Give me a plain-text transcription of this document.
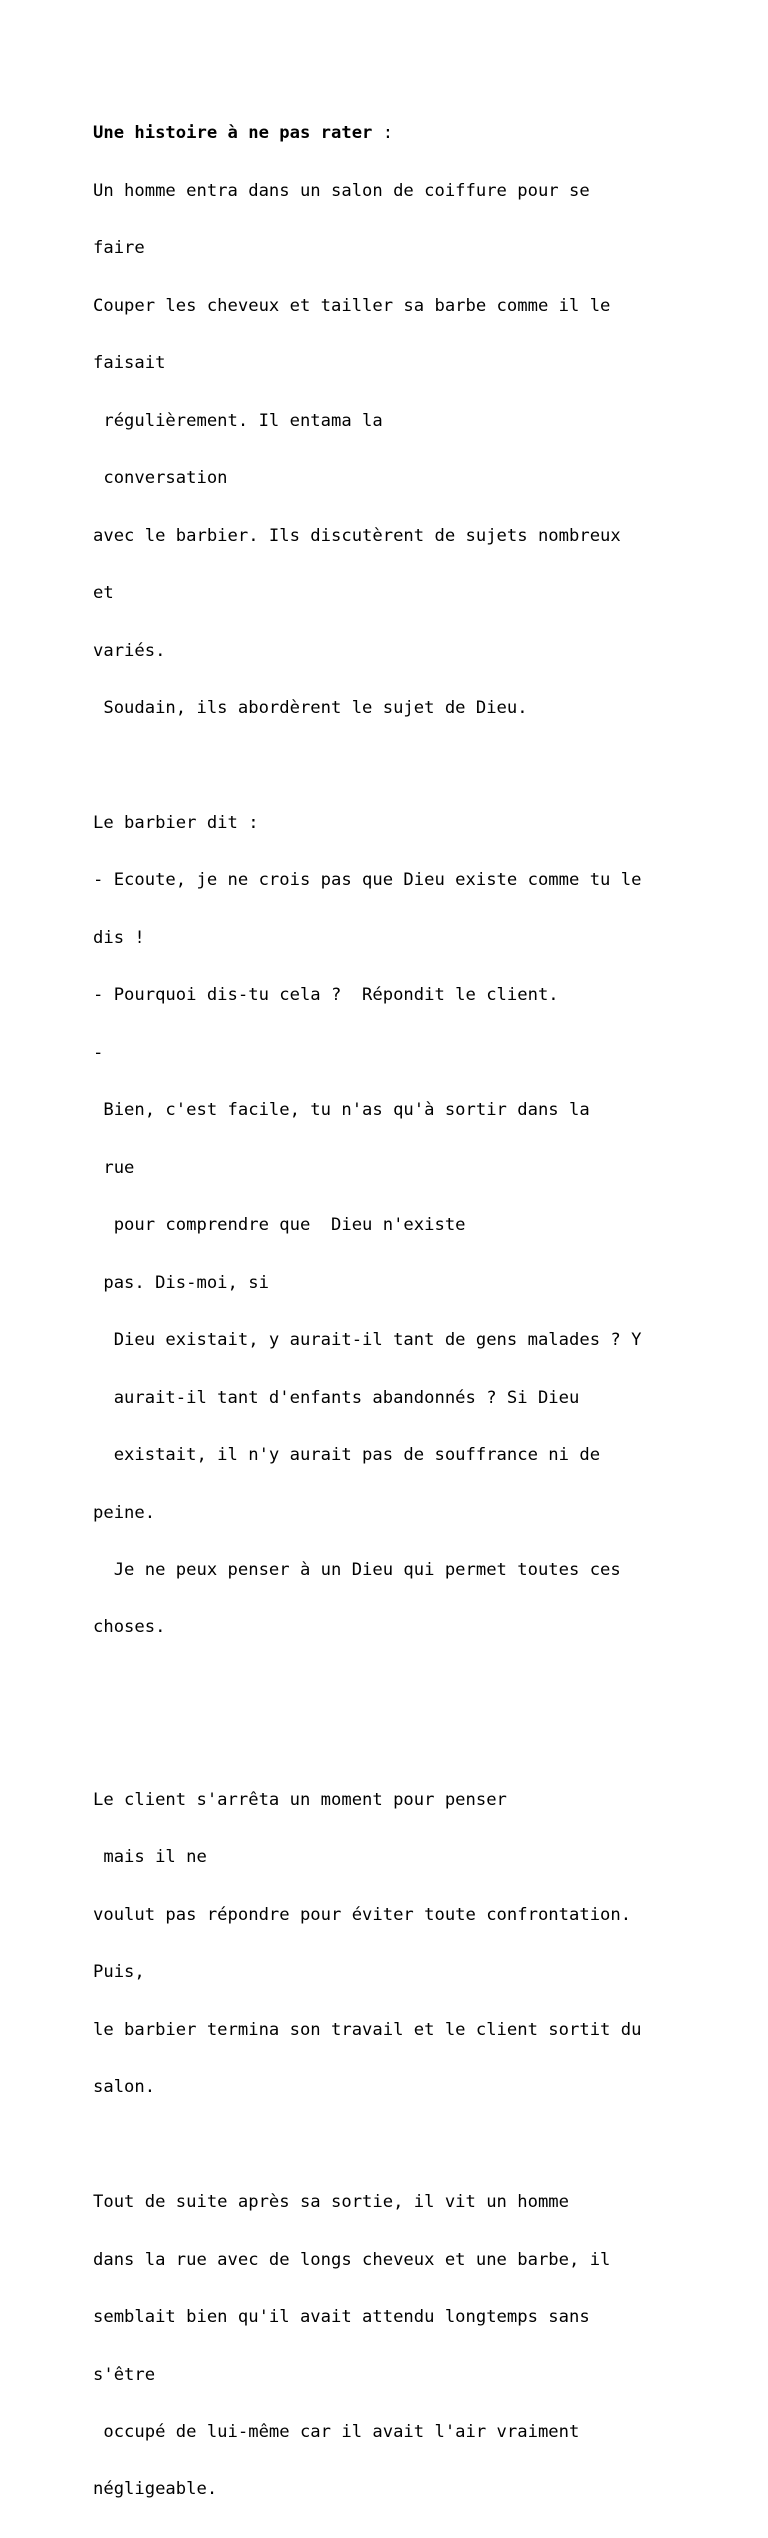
Une histoire à ne pas rater :

Un homme entra dans un salon de coiffure pour se

faire

Couper les cheveux et tailler sa barbe comme il le

faisait

régulièrement. Il entama la

conversation

avec le barbier. Ils discutèrent de sujets nombreux

et

variés.

Soudain, ils abordèrent le sujet de Dieu.

Le barbier dit :

- Ecoute, je ne crois pas que Dieu existe comme tu le

dis !

- Pourquoi dis-tu cela ?  Répondit le client.

-

Bien, c'est facile, tu n'as qu'à sortir dans la

rue

pour comprendre que  Dieu n'existe

pas. Dis-moi, si

Dieu existait, y aurait-il tant de gens malades ? Y

aurait-il tant d'enfants abandonnés ? Si Dieu

existait, il n'y aurait pas de souffrance ni de

peine.

Je ne peux penser à un Dieu qui permet toutes ces

choses.

Le client s'arrêta un moment pour penser

mais il ne

voulut pas répondre pour éviter toute confrontation.

Puis,

le barbier termina son travail et le client sortit du

salon.

Tout de suite après sa sortie, il vit un homme

dans la rue avec de longs cheveux et une barbe, il

semblait bien qu'il avait attendu longtemps sans

s'être

occupé de lui-même car il avait l'air vraiment

négligeable.
